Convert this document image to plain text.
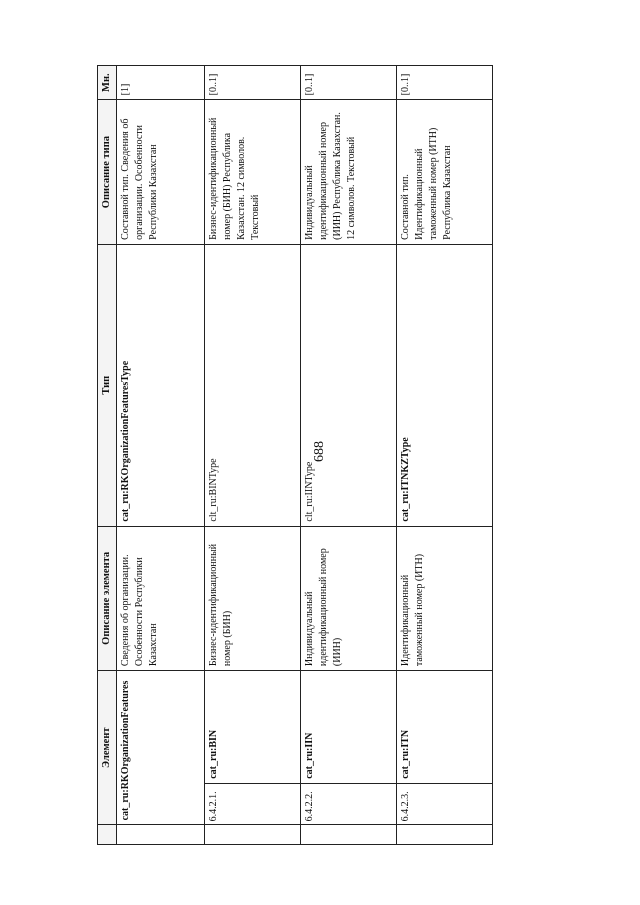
688
	Элемент		Описание элемента	Тип	Описание типа	Мн.
	cat_ru:RKOrganizationFeatures		Сведения об организации. Особенности Республики Казахстан	cat_ru:RKOrganizationFeaturesType	Составной тип. Сведения об организации. Особенности Республики Казахстан	[1]
	6.4.2.1.	cat_ru:BIN	Бизнес-идентификационный номер (БИН)	clt_ru:BINType	Бизнес-идентификационный номер (БИН) Республика Казахстан. 12 символов. Текстовый	[0..1]
	6.4.2.2.	cat_ru:IIN	Индивидуальный идентификационный номер (ИИН)	clt_ru:IINType	Индивидуальный идентификационный номер (ИИН) Республика Казахстан. 12 символов. Текстовый	[0..1]
	6.4.2.3.	cat_ru:ITN	Идентификационный таможенный номер (ИТН)	cat_ru:ITNKZType	Составной тип. Идентификационный таможенный номер (ИТН) Республика Казахстан	[0..1]
